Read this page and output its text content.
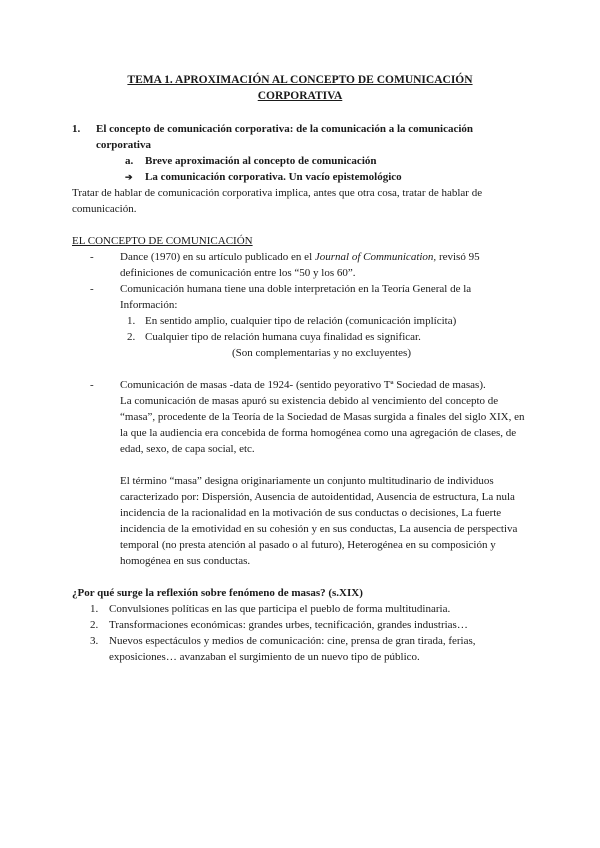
TEMA 1. APROXIMACIÓN AL CONCEPTO DE COMUNICACIÓN
CORPORATIVA
1. El concepto de comunicación corporativa: de la comunicación a la comunicación corporativa
a. Breve aproximación al concepto de comunicación
➔ La comunicación corporativa. Un vacío epistemológico
Tratar de hablar de comunicación corporativa implica, antes que otra cosa, tratar de hablar de comunicación.
EL CONCEPTO DE COMUNICACIÓN
- Dance (1970) en su artículo publicado en el Journal of Communication, revisó 95 definiciones de comunicación entre los “50 y los 60”.
- Comunicación humana tiene una doble interpretación en la Teoría General de la Información:
1. En sentido amplio, cualquier tipo de relación (comunicación implícita)
2. Cualquier tipo de relación humana cuya finalidad es significar.
(Son complementarias y no excluyentes)
- Comunicación de masas -data de 1924- (sentido peyorativo Tª Sociedad de masas).
La comunicación de masas apuró su existencia debido al vencimiento del concepto de “masa”, procedente de la Teoría de la Sociedad de Masas surgida a finales del siglo XIX, en la que la audiencia era concebida de forma homogénea como una agregación de clases, de edad, sexo, de capa social, etc.
El término “masa” designa originariamente un conjunto multitudinario de individuos caracterizado por: Dispersión, Ausencia de autoidentidad, Ausencia de estructura, La nula incidencia de la racionalidad en la motivación de sus conductas o decisiones, La fuerte incidencia de la emotividad en su cohesión y en sus conductas, La ausencia de perspectiva temporal (no presta atención al pasado o al futuro), Heterogénea en su composición y homogénea en sus conductas.
¿Por qué surge la reflexión sobre fenómeno de masas? (s.XIX)
1. Convulsiones políticas en las que participa el pueblo de forma multitudinaria.
2. Transformaciones económicas: grandes urbes, tecnificación, grandes industrias…
3. Nuevos espectáculos y medios de comunicación: cine, prensa de gran tirada, ferias, exposiciones… avanzaban el surgimiento de un nuevo tipo de público.
